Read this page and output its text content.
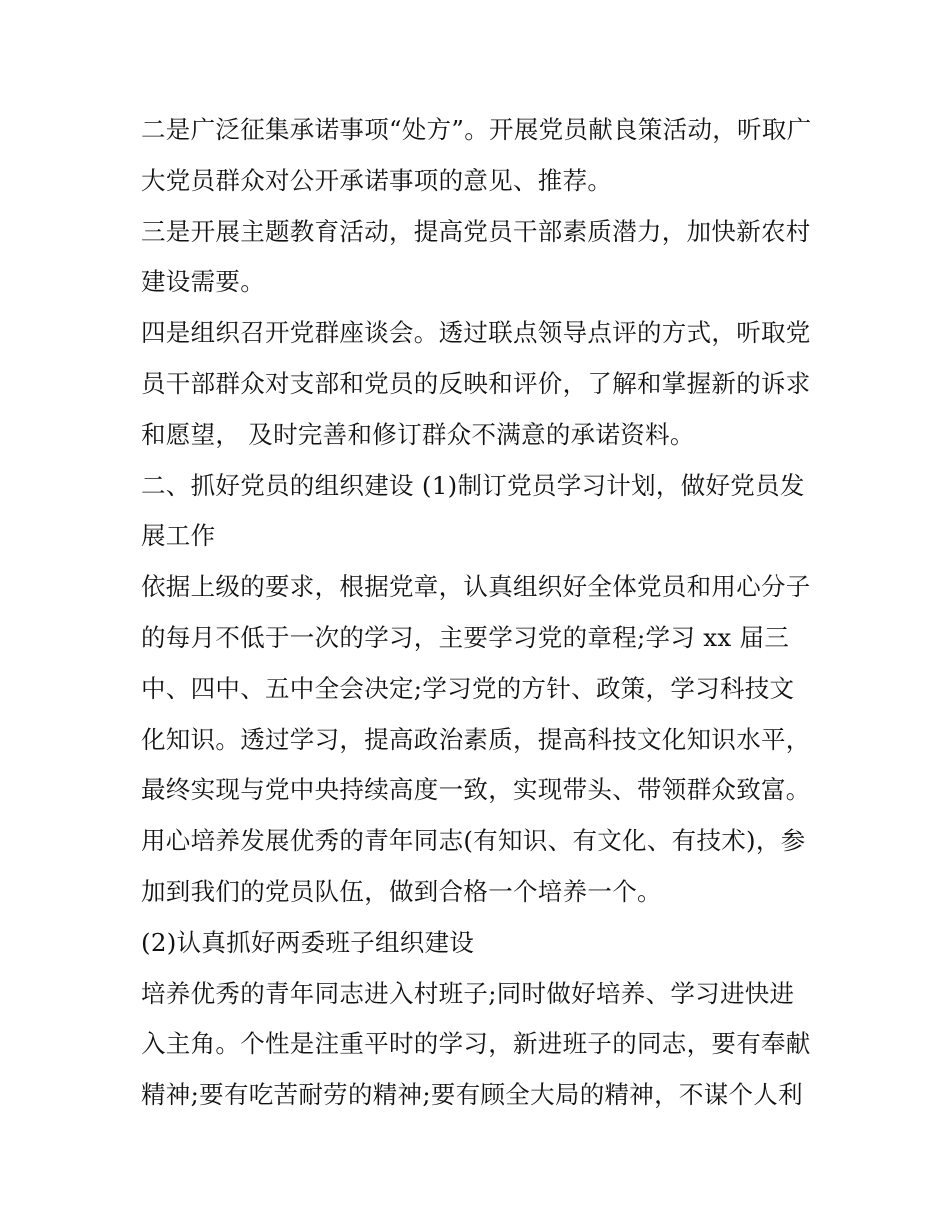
二是广泛征集承诺事项“处方”。开展党员献良策活动，听取广
大党员群众对公开承诺事项的意见、推荐。
三是开展主题教育活动，提高党员干部素质潜力，加快新农村
建设需要。
四是组织召开党群座谈会。透过联点领导点评的方式，听取党
员干部群众对支部和党员的反映和评价，了解和掌握新的诉求
和愿望， 及时完善和修订群众不满意的承诺资料。
二、抓好党员的组织建设 (1)制订党员学习计划，做好党员发
展工作
依据上级的要求，根据党章，认真组织好全体党员和用心分子
的每月不低于一次的学习，主要学习党的章程;学习 xx 届三
中、四中、五中全会决定;学习党的方针、政策，学习科技文
化知识。透过学习，提高政治素质，提高科技文化知识水平，
最终实现与党中央持续高度一致，实现带头、带领群众致富。
用心培养发展优秀的青年同志(有知识、有文化、有技术)，参
加到我们的党员队伍，做到合格一个培养一个。
(2)认真抓好两委班子组织建设
培养优秀的青年同志进入村班子;同时做好培养、学习进快进
入主角。个性是注重平时的学习，新进班子的同志，要有奉献
精神;要有吃苦耐劳的精神;要有顾全大局的精神，不谋个人利
